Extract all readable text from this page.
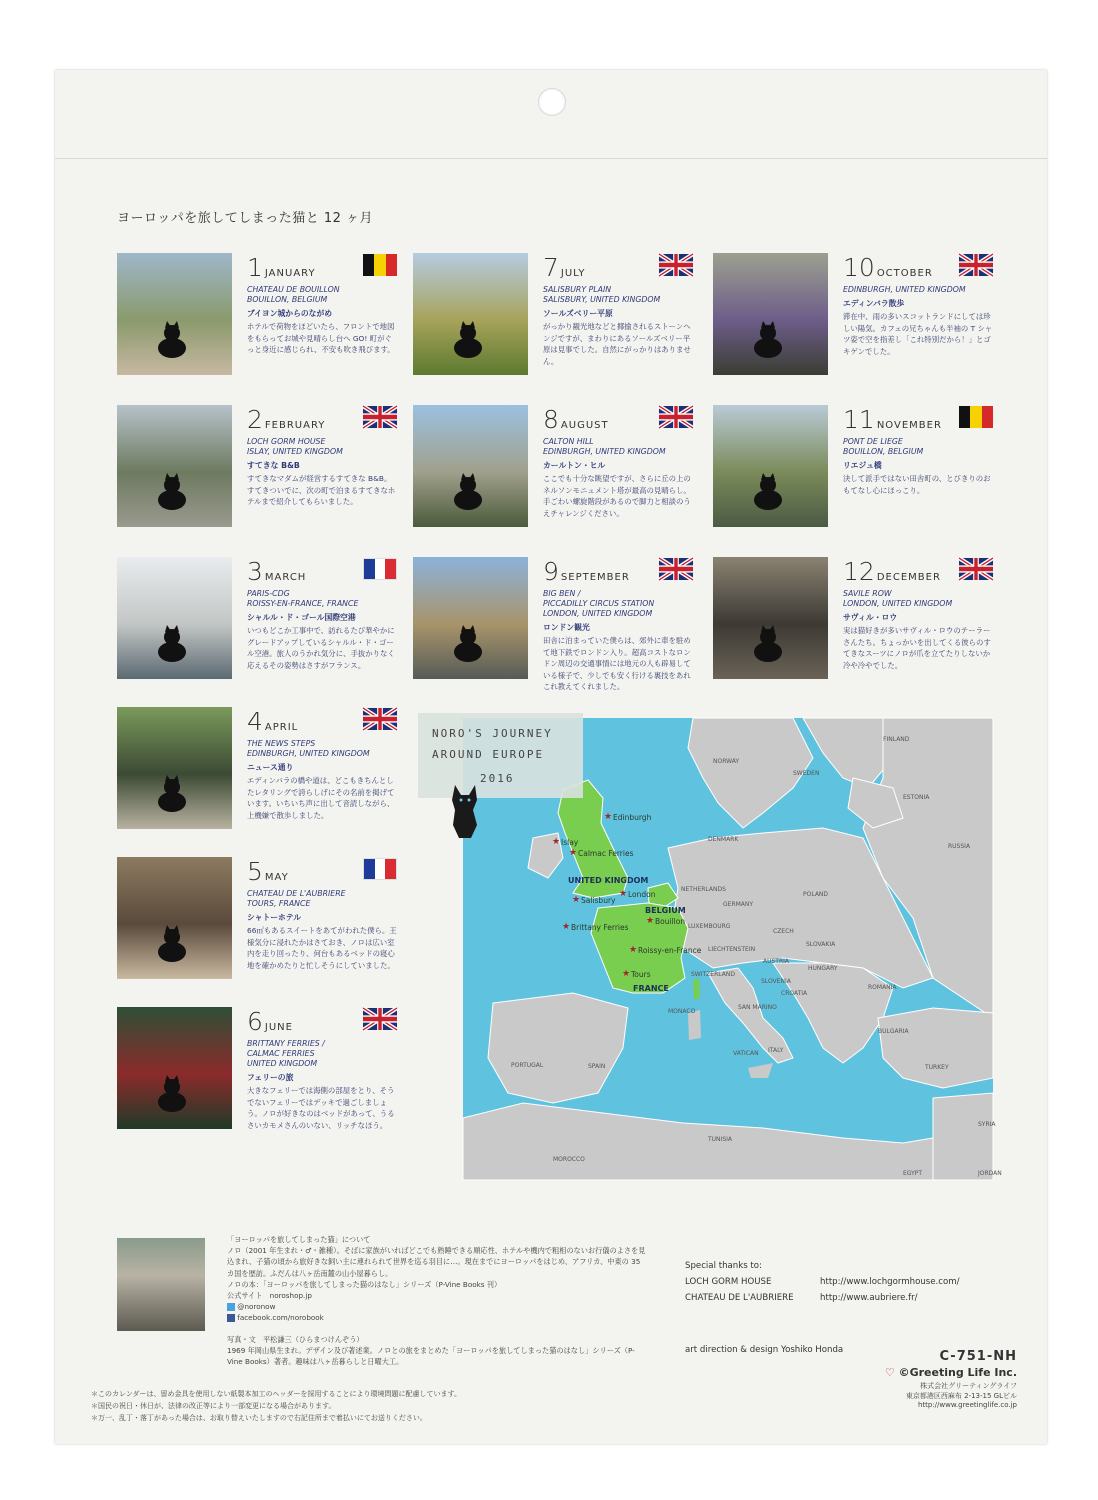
ヨーロッパを旅してしまった猫と 12 ヶ月
1 JANUARY
CHATEAU DE BOUILLON
BOUILLON, BELGIUM
ブイヨン城からのながめ
ホテルで荷物をほどいたら、フロントで地図をもらってお城や見晴らし台へ GO! 町がぐっと身近に感じられ、不安も吹き飛びます。
2 FEBRUARY
LOCH GORM HOUSE
ISLAY, UNITED KINGDOM
すてきな B&B
すてきなマダムが経営するすてきな B&B。すてきついでに、次の町で泊まるすてきなホテルまで紹介してもらいました。
3 MARCH
PARIS-CDG
ROISSY-EN-FRANCE, FRANCE
シャルル・ド・ゴール国際空港
いつもどこか工事中で、訪れるたび華やかにグレードアップしているシャルル・ド・ゴール空港。旅人のうかれ気分に、手抜かりなく応えるその姿勢はさすがフランス。
4 APRIL
THE NEWS STEPS
EDINBURGH, UNITED KINGDOM
ニュース通り
エディンバラの橋や道は、どこもきちんとしたレタリングで誇らしげにその名前を掲げています。いちいち声に出して音読しながら、上機嫌で散歩しました。
5 MAY
CHATEAU DE L'AUBRIERE
TOURS, FRANCE
シャトーホテル
66㎡もあるスイートをあてがわれた僕ら。王様気分に浸れたかはさておき、ノロは広い室内を走り回ったり、何台もあるベッドの寝心地を確かめたりと忙しそうにしていました。
6 JUNE
BRITTANY FERRIES /
CALMAC FERRIES
UNITED KINGDOM
フェリーの旅
大きなフェリーでは海側の部屋をとり、そうでないフェリーではデッキで過ごしましょう。ノロが好きなのはベッドがあって、うるさいカモメさんのいない、リッチなほう。
7 JULY
SALISBURY PLAIN
SALISBURY, UNITED KINGDOM
ソールズベリー平原
がっかり観光地などと揶揄されるストーンヘンジですが、まわりにあるソールズベリー平原は見事でした。自然にがっかりはありません。
8 AUGUST
CALTON HILL
EDINBURGH, UNITED KINGDOM
カールトン・ヒル
ここでも十分な眺望ですが、さらに丘の上のネルソンモニュメント塔が最高の見晴らし。手ごわい螺旋階段があるので脚力と相談のうえチャレンジください。
9 SEPTEMBER
BIG BEN /
PICCADILLY CIRCUS STATION
LONDON, UNITED KINGDOM
ロンドン観光
田舎に泊まっていた僕らは、郊外に車を駐めて地下鉄でロンドン入り。超高コストなロンドン周辺の交通事情には地元の人も辟易している様子で、少しでも安く行ける裏技をあれこれ教えてくれました。
10 OCTOBER
EDINBURGH, UNITED KINGDOM
エディンバラ散歩
滞在中、雨の多いスコットランドにしては珍しい陽気。カフェの兄ちゃんも半袖の T シャツ姿で空を指差し「これ特別だから！」とゴキゲンでした。
11 NOVEMBER
PONT DE LIEGE
BOUILLON, BELGIUM
リエジュ橋
決して派手ではない田舎町の、とびきりのおもてなし心にほっこり。
12 DECEMBER
SAVILE ROW
LONDON, UNITED KINGDOM
サヴィル・ロウ
実は猫好きが多いサヴィル・ロウのテーラーさんたち。ちょっかいを出してくる彼らのすてきなスーツにノロが爪を立てたりしないか冷や冷やでした。
NORWAY
SWEDEN
FINLAND
ESTONIA
RUSSIA
DENMARK
NETHERLANDS
GERMANY
POLAND
CZECH
SLOVAKIA
LIECHTENSTEIN
AUSTRIA
HUNGARY
SWITZERLAND
SLOVENIA
CROATIA
ROMANIA
SAN MARINO
MONACO
VATICAN ITALY
BULGARIA
PORTUGAL	SPAIN	TURKEY
SYRIA
TUNISIA
MOROCCO
EGYPT	JORDAN
LUXEMBOURG
UNITED KINGDOM
BELGIUM
FRANCE
★ Edinburgh
★ Islay
★ Calmac Ferries
★ Salisbury
★ London
★ Brittany Ferries
★ Bouillon
★ Roissy-en-France
★ Tours
NORO'S JOURNEY
AROUND EUROPE
2016
「ヨーロッパを旅してしまった猫」について
ノロ（2001 年生まれ・♂・雑種）。そばに家族がいればどこでも熟睡できる順応性、ホテルや機内で粗相のないお行儀のよさを見込まれ、子猫の頃から旅好きな飼い主に連れられて世界を巡る羽目に…。現在までにヨーロッパをはじめ、アフリカ、中東の 35 カ国を歴訪。ふだんは八ヶ岳南麓の山小屋暮らし。
ノロの本：「ヨーロッパを旅してしまった猫のはなし」シリーズ（P-Vine Books 刊）
公式サイト　 noroshop.jp
@noronow
facebook.com/norobook
写真・文　平松謙三（ひらまつけんぞう）
1969 年岡山県生まれ。デザイン及び著述業。ノロとの旅をまとめた「ヨーロッパを旅してしまった猫のはなし」シリーズ（P-Vine Books）著者。趣味は八ヶ岳暮らしと日曜大工。
Special thanks to:
LOCH GORM HOUSE	http://www.lochgormhouse.com/
CHATEAU DE L'AUBRIERE	http://www.aubriere.fr/
art direction & design Yoshiko Honda	C-751-NH
♡ ©Greeting Life Inc.
株式会社グリーティングライフ
東京都港区西麻布 2-13-15 GLビル
http://www.greetinglife.co.jp
＊このカレンダーは、留め金具を使用しない紙製本加工のヘッダーを採用することにより環境問題に配慮しています。
＊国民の祝日・休日が、法律の改正等により一部変更になる場合があります。
＊万一、乱丁・落丁があった場合は、お取り替えいたしますので右記住所まで着払いにてお送りください。
